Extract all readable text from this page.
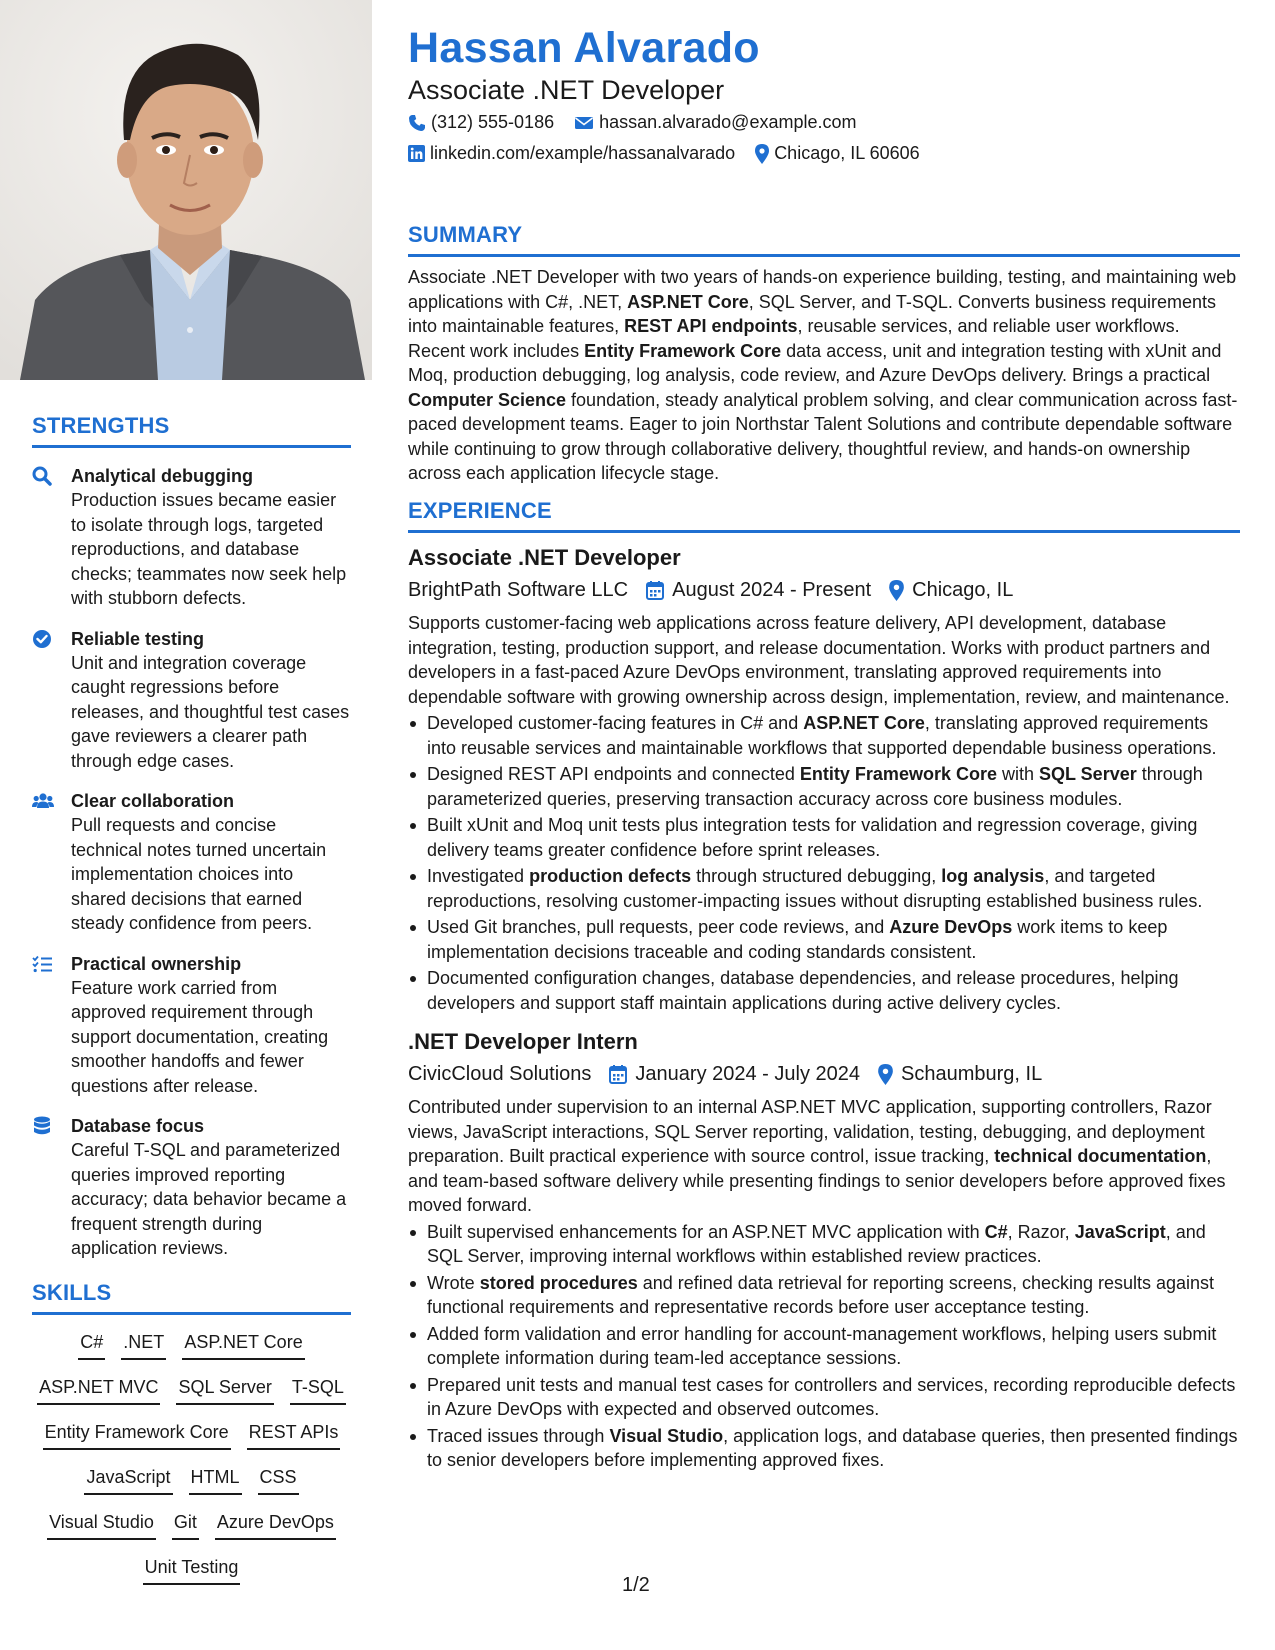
STRENGTHS
Analytical debugging
Production issues became easier to isolate through logs, targeted reproductions, and database checks; teammates now seek help with stubborn defects.
Reliable testing
Unit and integration coverage caught regressions before releases, and thoughtful test cases gave reviewers a clearer path through edge cases.
Clear collaboration
Pull requests and concise technical notes turned uncertain implementation choices into shared decisions that earned steady confidence from peers.
Practical ownership
Feature work carried from approved requirement through support documentation, creating smoother handoffs and fewer questions after release.
Database focus
Careful T-SQL and parameterized queries improved reporting accuracy; data behavior became a frequent strength during application reviews.
SKILLS
C# .NET ASP.NET Core
ASP.NET MVC SQL Server T-SQL
Entity Framework Core REST APIs
JavaScript HTML CSS
Visual Studio Git Azure DevOps
Unit Testing
Hassan Alvarado
Associate .NET Developer
(312) 555-0186	hassan.alvarado@example.com
linkedin.com/example/hassanalvarado Chicago, IL 60606
SUMMARY
Associate .NET Developer with two years of hands-on experience building, testing, and maintaining web applications with C#, .NET, ASP.NET Core, SQL Server, and T-SQL. Converts business requirements into maintainable features, REST API endpoints, reusable services, and reliable user workflows. Recent work includes Entity Framework Core data access, unit and integration testing with xUnit and Moq, production debugging, log analysis, code review, and Azure DevOps delivery. Brings a practical Computer Science foundation, steady analytical problem solving, and clear communication across fast-paced development teams. Eager to join Northstar Talent Solutions and contribute dependable software while continuing to grow through collaborative delivery, thoughtful review, and hands-on ownership across each application lifecycle stage.
EXPERIENCE
Associate .NET Developer
BrightPath Software LLC August 2024 - Present Chicago, IL
Supports customer-facing web applications across feature delivery, API development, database integration, testing, production support, and release documentation. Works with product partners and developers in a fast-paced Azure DevOps environment, translating approved requirements into dependable software with growing ownership across design, implementation, review, and maintenance.
Developed customer-facing features in C# and ASP.NET Core, translating approved requirements into reusable services and maintainable workflows that supported dependable business operations.
Designed REST API endpoints and connected Entity Framework Core with SQL Server through parameterized queries, preserving transaction accuracy across core business modules.
Built xUnit and Moq unit tests plus integration tests for validation and regression coverage, giving delivery teams greater confidence before sprint releases.
Investigated production defects through structured debugging, log analysis, and targeted reproductions, resolving customer-impacting issues without disrupting established business rules.
Used Git branches, pull requests, peer code reviews, and Azure DevOps work items to keep implementation decisions traceable and coding standards consistent.
Documented configuration changes, database dependencies, and release procedures, helping developers and support staff maintain applications during active delivery cycles.
.NET Developer Intern
CivicCloud Solutions January 2024 - July 2024 Schaumburg, IL
Contributed under supervision to an internal ASP.NET MVC application, supporting controllers, Razor views, JavaScript interactions, SQL Server reporting, validation, testing, debugging, and deployment preparation. Built practical experience with source control, issue tracking, technical documentation, and team-based software delivery while presenting findings to senior developers before approved fixes moved forward.
Built supervised enhancements for an ASP.NET MVC application with C#, Razor, JavaScript, and SQL Server, improving internal workflows within established review practices.
Wrote stored procedures and refined data retrieval for reporting screens, checking results against functional requirements and representative records before user acceptance testing.
Added form validation and error handling for account-management workflows, helping users submit complete information during team-led acceptance sessions.
Prepared unit tests and manual test cases for controllers and services, recording reproducible defects in Azure DevOps with expected and observed outcomes.
Traced issues through Visual Studio, application logs, and database queries, then presented findings to senior developers before implementing approved fixes.
1/2
